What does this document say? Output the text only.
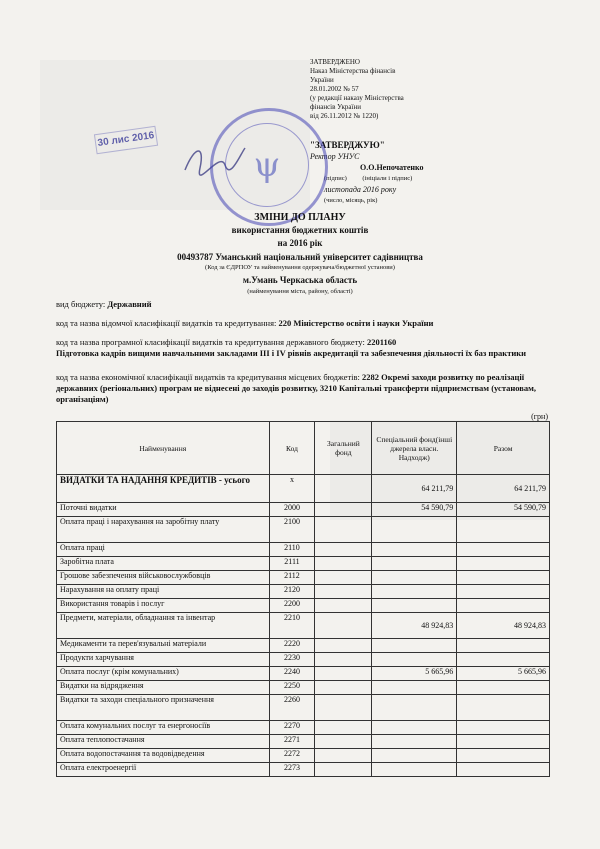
ЗАТВЕРДЖЕНО
Наказ Міністерства фінансів
України
28.01.2002 № 57
(у редакції наказу Міністерства
фінансів України
від 26.11.2012 № 1220)
"ЗАТВЕРДЖУЮ"
Ректор УНУС
О.О.Непочатенко
(підпис) (ініціали і підпис)
листопада 2016 року
(число, місяць, рік)
30 лис 2016
ψ
ЗМІНИ ДО ПЛАНУ
використання бюджетних коштів
на 2016 рік
00493787 Уманський національний університет садівництва
(Код за ЄДРПОУ та найменування одержувача/бюджетної установи)
м.Умань Черкаська область
(найменування міста, району, області)
вид бюджету: Державний
код та назва відомчої класифікації видатків та кредитування: 220 Міністерство освіти і науки України
код та назва програмної класифікації видатків та кредитування державного бюджету: 2201160
Підготовка кадрів вищими навчальними закладами III і IV рівнів акредитації та забезпечення діяльності їх баз практики
код та назва економічної класифікації видатків та кредитування місцевих бюджетів: 2282 Окремі заходи розвитку по реалізації державних (регіональних) програм не віднесені до заходів розвитку, 3210 Капітальні трансферти підприємствам (установам, організаціям)
(грн)
Найменування	Код	Загальний фонд	Спеціальний фонд(інші джерела власн. Надходж)	Разом
ВИДАТКИ ТА НАДАННЯ КРЕДИТІВ - усього	x		64 211,79	64 211,79
Поточні видатки	2000		54 590,79	54 590,79
Оплата праці і нарахування на заробітну плату	2100			
Оплата праці	2110			
Заробітна плата	2111			
Грошове забезпечення військовослужбовців	2112			
Нарахування на оплату праці	2120			
Використання товарів і послуг	2200			
Предмети, матеріали, обладнання та інвентар	2210		48 924,83	48 924,83
Медикаменти та перев'язувальні матеріали	2220			
Продукти харчування	2230			
Оплата послуг (крім комунальних)	2240		5 665,96	5 665,96
Видатки на відрядження	2250			
Видатки та заходи спеціального призначення	2260			
Оплата комунальних послуг та енергоносіїв	2270			
Оплата теплопостачання	2271			
Оплата водопостачання та водовідведення	2272			
Оплата електроенергії	2273			
